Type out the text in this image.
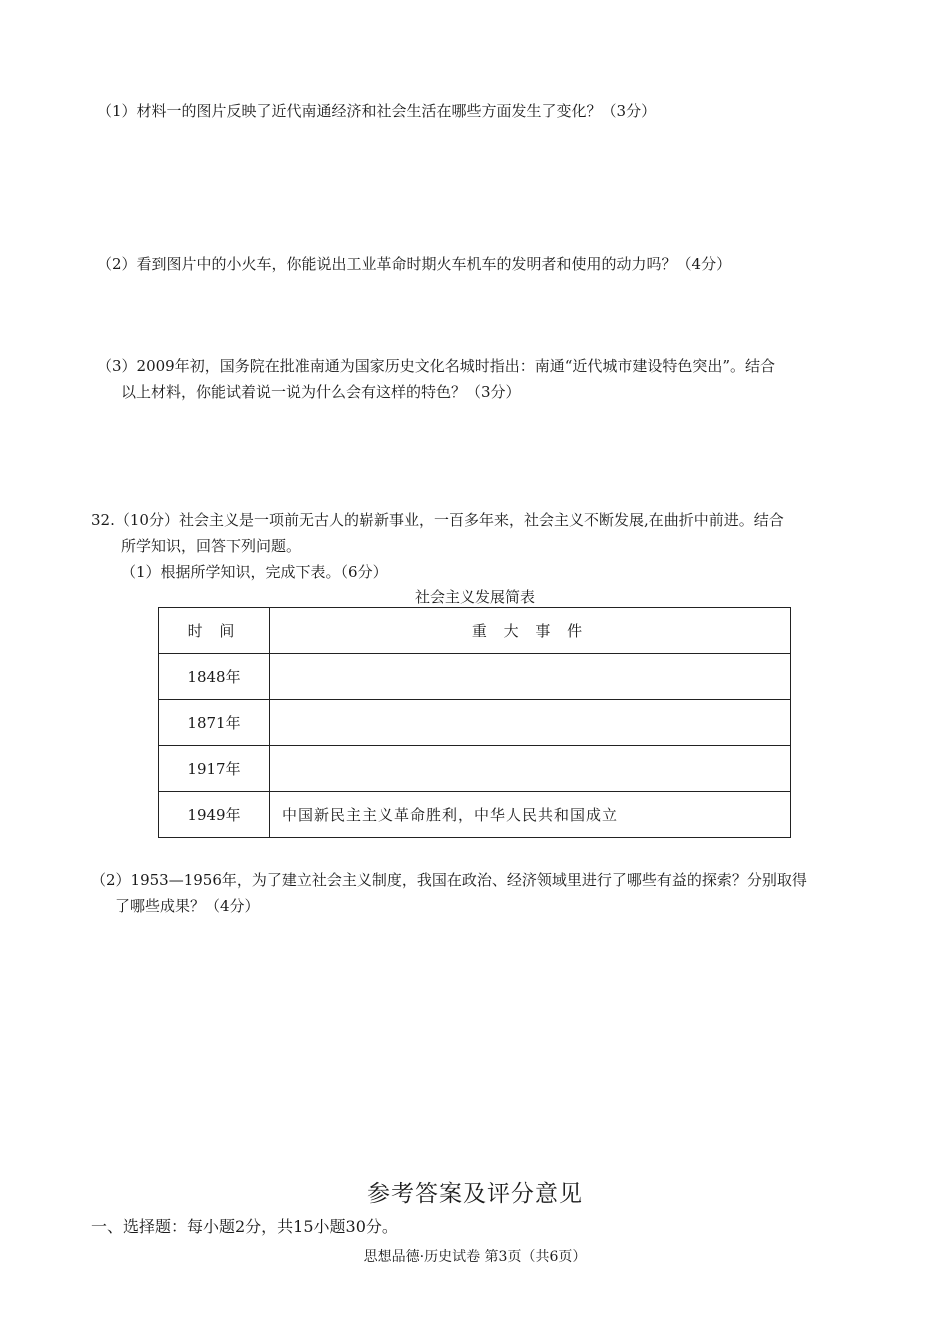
（1）材料一的图片反映了近代南通经济和社会生活在哪些方面发生了变化？（3分）
（2）看到图片中的小火车，你能说出工业革命时期火车机车的发明者和使用的动力吗？（4分）
（3）2009年初，国务院在批准南通为国家历史文化名城时指出：南通“近代城市建设特色突出”。结合
以上材料，你能试着说一说为什么会有这样的特色？（3分）
32.（10分）社会主义是一项前无古人的崭新事业，一百多年来，社会主义不断发展,在曲折中前进。结合
所学知识，回答下列问题。
（1）根据所学知识，完成下表。（6分）
社会主义发展简表
时 间	重 大 事 件
1848年	
1871年	
1917年	
1949年	中国新民主主义革命胜利，中华人民共和国成立
（2）1953—1956年，为了建立社会主义制度，我国在政治、经济领域里进行了哪些有益的探索？分别取得
了哪些成果？（4分）
参考答案及评分意见
一、选择题：每小题2分，共15小题30分。
思想品德·历史试卷 第3页（共6页）
